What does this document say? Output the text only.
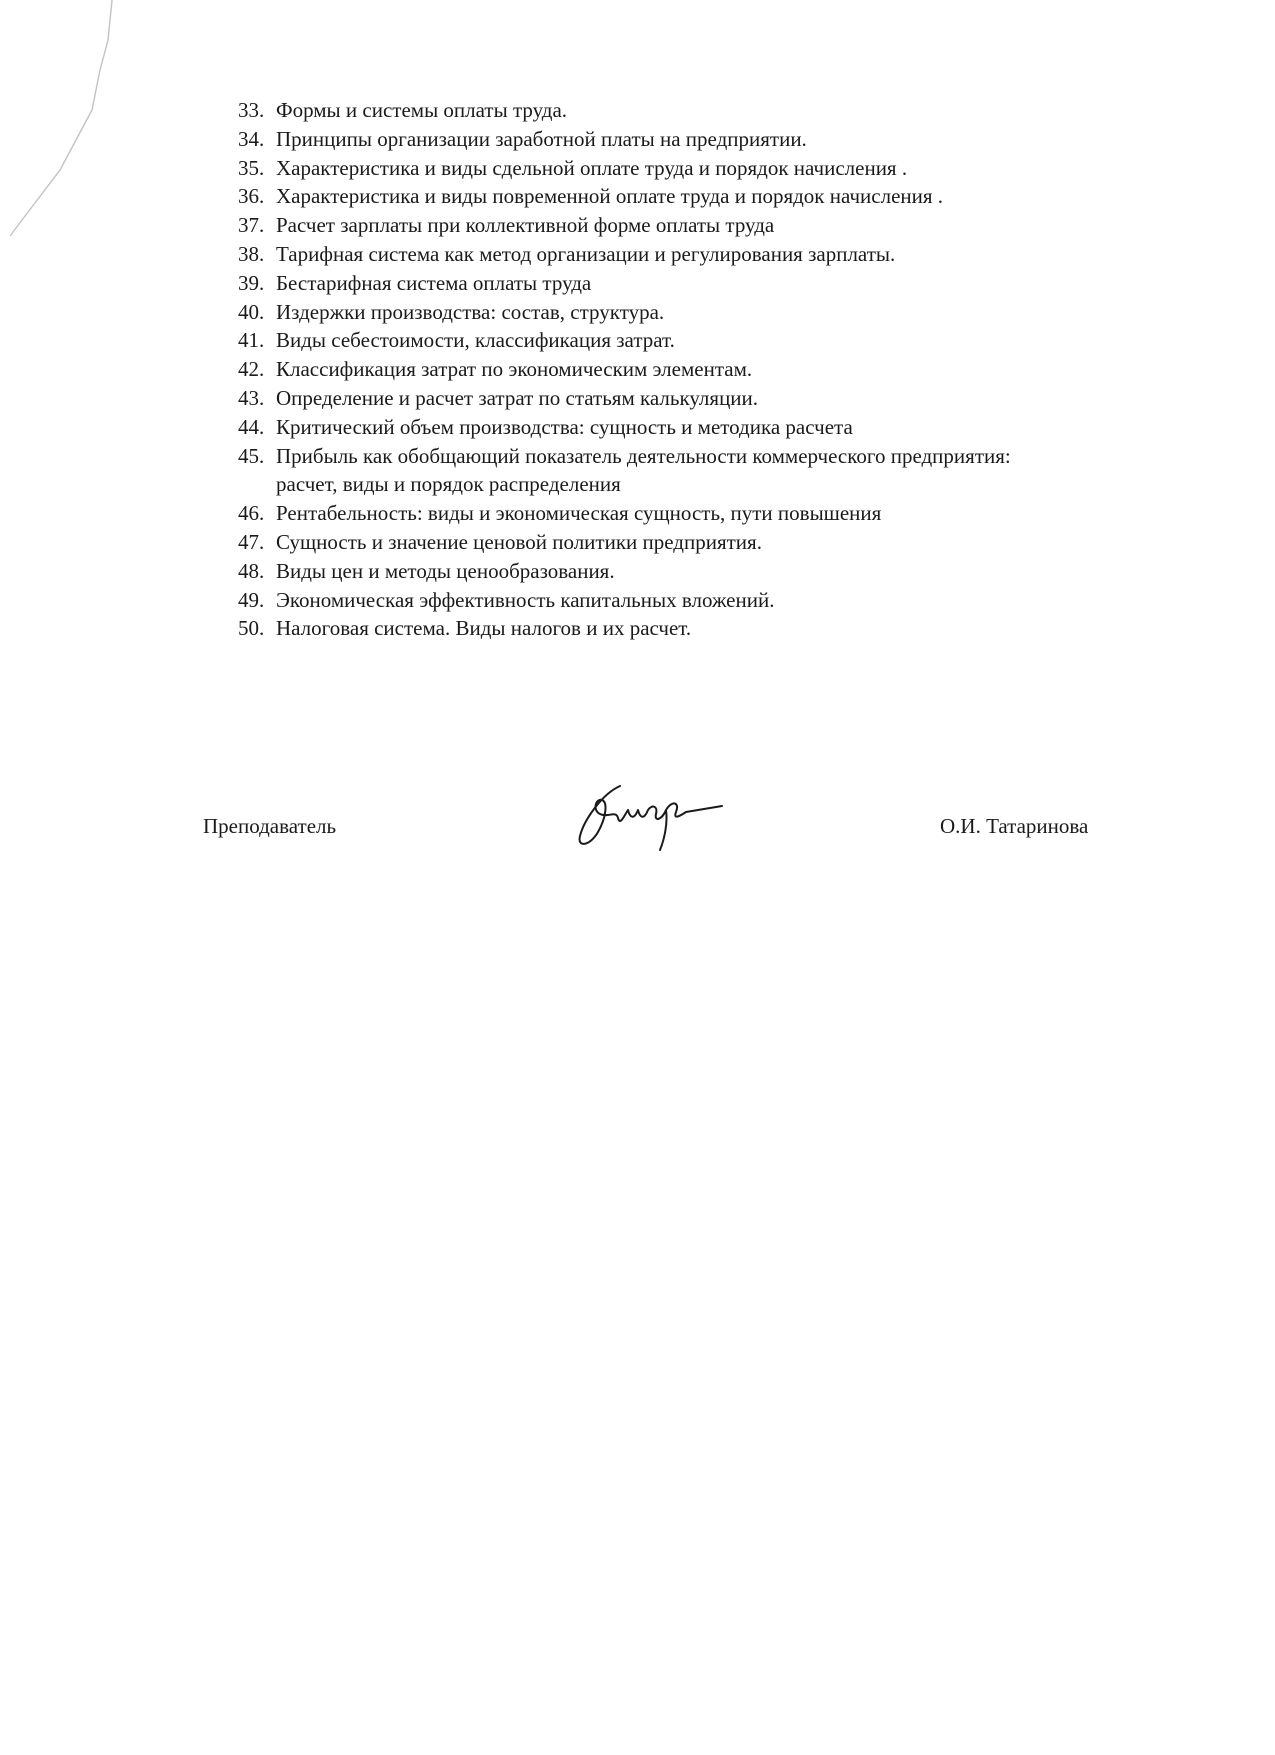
33. Формы и системы оплаты труда.
34. Принципы организации заработной платы на предприятии.
35. Характеристика и виды сдельной оплате труда и порядок начисления .
36. Характеристика и виды повременной оплате труда и порядок начисления .
37. Расчет зарплаты при коллективной форме оплаты труда
38. Тарифная система как метод организации и регулирования зарплаты.
39. Бестарифная система оплаты труда
40. Издержки производства: состав, структура.
41. Виды себестоимости, классификация затрат.
42. Классификация затрат по экономическим элементам.
43. Определение и расчет затрат по статьям калькуляции.
44. Критический объем производства: сущность и методика расчета
45. Прибыль как обобщающий показатель деятельности коммерческого предприятия:
расчет, виды и порядок распределения
46. Рентабельность: виды и экономическая сущность, пути повышения
47. Сущность и значение ценовой политики предприятия.
48. Виды цен и методы ценообразования.
49. Экономическая эффективность капитальных вложений.
50. Налоговая система. Виды налогов и их расчет.
Преподаватель	О.И. Татаринова
